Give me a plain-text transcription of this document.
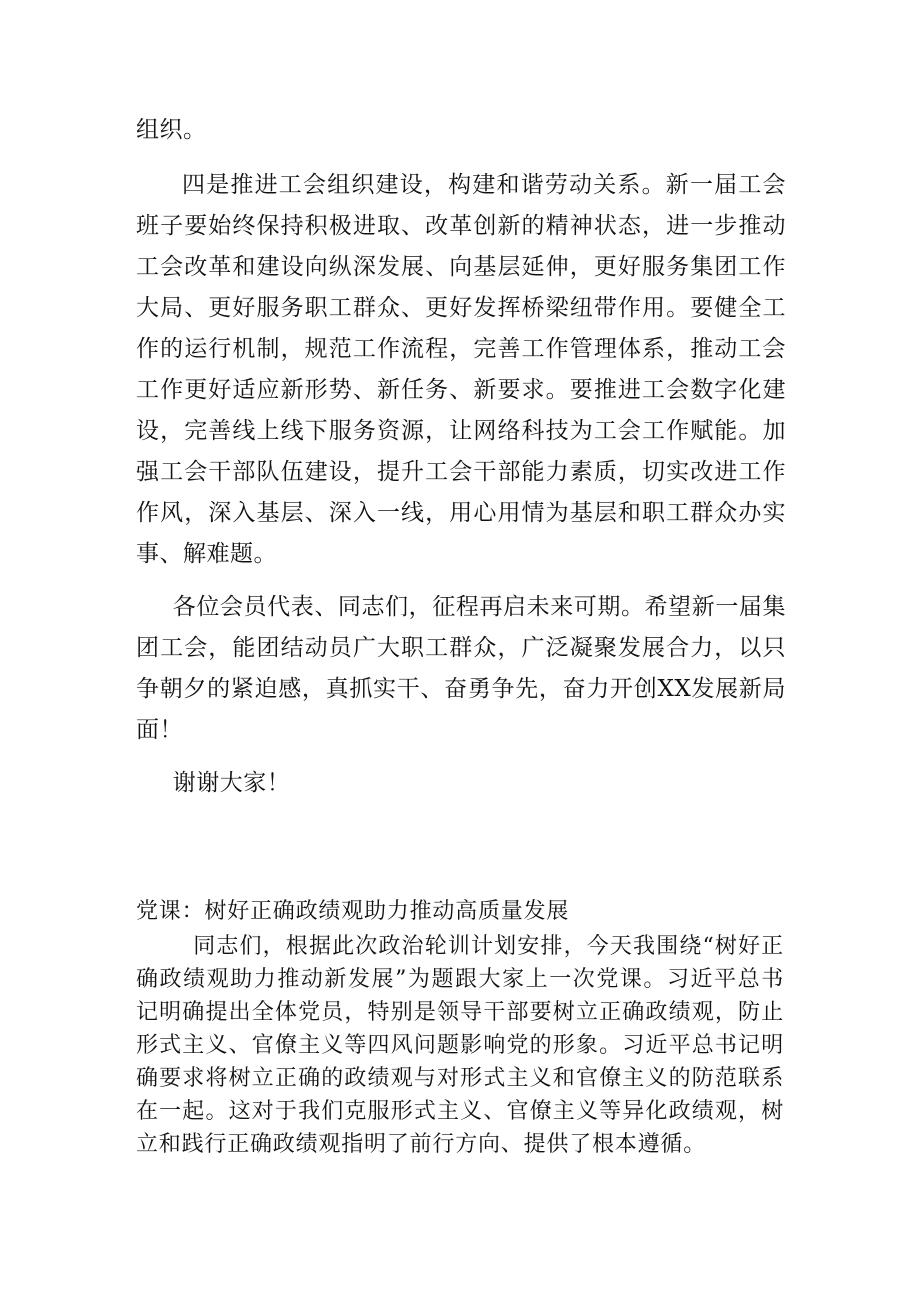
组织。

四是推进工会组织建设，构建和谐劳动关系。新一届工会班子要始终保持积极进取、改革创新的精神状态，进一步推动工会改革和建设向纵深发展、向基层延伸，更好服务集团工作大局、更好服务职工群众、更好发挥桥梁纽带作用。要健全工作的运行机制，规范工作流程，完善工作管理体系，推动工会工作更好适应新形势、新任务、新要求。要推进工会数字化建设，完善线上线下服务资源，让网络科技为工会工作赋能。加强工会干部队伍建设，提升工会干部能力素质，切实改进工作作风，深入基层、深入一线，用心用情为基层和职工群众办实事、解难题。

各位会员代表、同志们，征程再启未来可期。希望新一届集团工会，能团结动员广大职工群众，广泛凝聚发展合力，以只争朝夕的紧迫感，真抓实干、奋勇争先，奋力开创XX发展新局面！

谢谢大家！

党课：树好正确政绩观助力推动高质量发展

同志们，根据此次政治轮训计划安排，今天我围绕“树好正确政绩观助力推动新发展”为题跟大家上一次党课。习近平总书记明确提出全体党员，特别是领导干部要树立正确政绩观，防止形式主义、官僚主义等四风问题影响党的形象。习近平总书记明确要求将树立正确的政绩观与对形式主义和官僚主义的防范联系在一起。这对于我们克服形式主义、官僚主义等异化政绩观，树立和践行正确政绩观指明了前行方向、提供了根本遵循。
